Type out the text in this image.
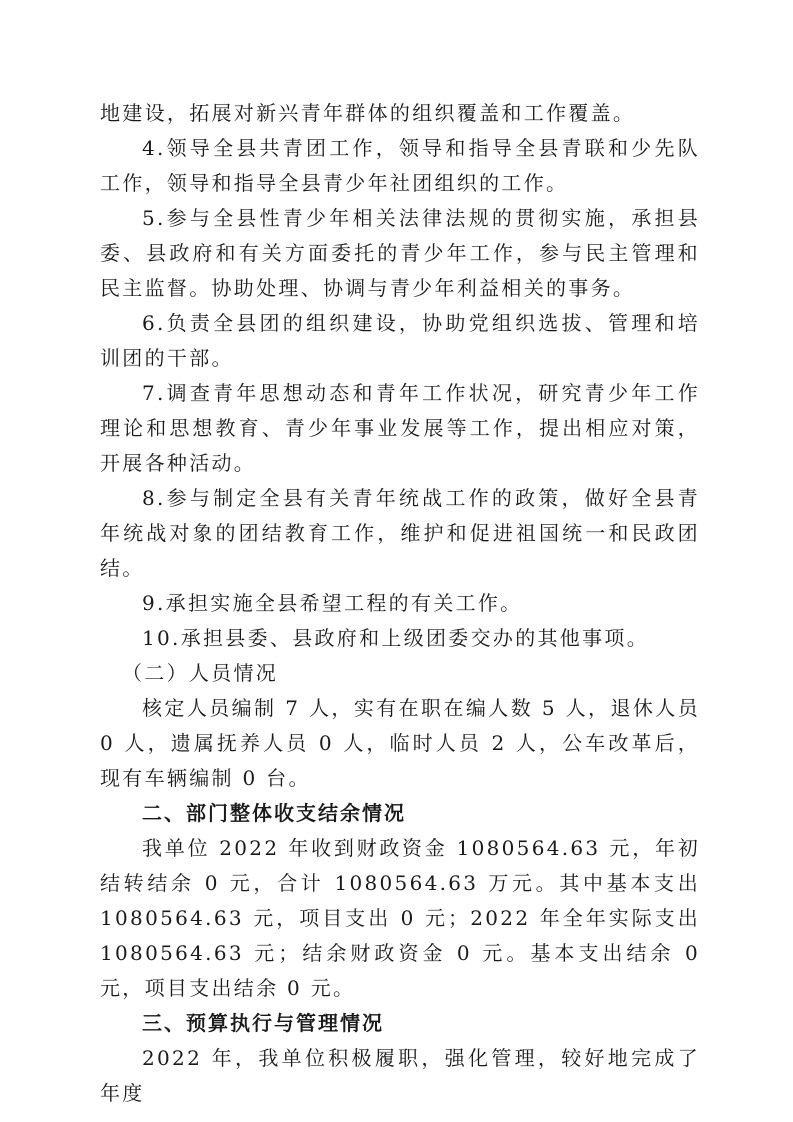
地建设，拓展对新兴青年群体的组织覆盖和工作覆盖。

4.领导全县共青团工作，领导和指导全县青联和少先队工作，领导和指导全县青少年社团组织的工作。

5.参与全县性青少年相关法律法规的贯彻实施，承担县委、县政府和有关方面委托的青少年工作，参与民主管理和民主监督。协助处理、协调与青少年利益相关的事务。

6.负责全县团的组织建设，协助党组织选拔、管理和培训团的干部。

7.调查青年思想动态和青年工作状况，研究青少年工作理论和思想教育、青少年事业发展等工作，提出相应对策，开展各种活动。

8.参与制定全县有关青年统战工作的政策，做好全县青年统战对象的团结教育工作，维护和促进祖国统一和民政团结。

9.承担实施全县希望工程的有关工作。

10.承担县委、县政府和上级团委交办的其他事项。

（二）人员情况

核定人员编制 7 人，实有在职在编人数 5 人，退休人员 0 人，遗属抚养人员 0 人，临时人员 2 人，公车改革后，现有车辆编制 0 台。

二、部门整体收支结余情况

我单位 2022 年收到财政资金 1080564.63 元，年初结转结余 0 元，合计 1080564.63 万元。其中基本支出 1080564.63 元，项目支出 0 元；2022 年全年实际支出 1080564.63 元；结余财政资金 0 元。基本支出结余 0 元，项目支出结余 0 元。

三、预算执行与管理情况

2022 年，我单位积极履职，强化管理，较好地完成了年度
